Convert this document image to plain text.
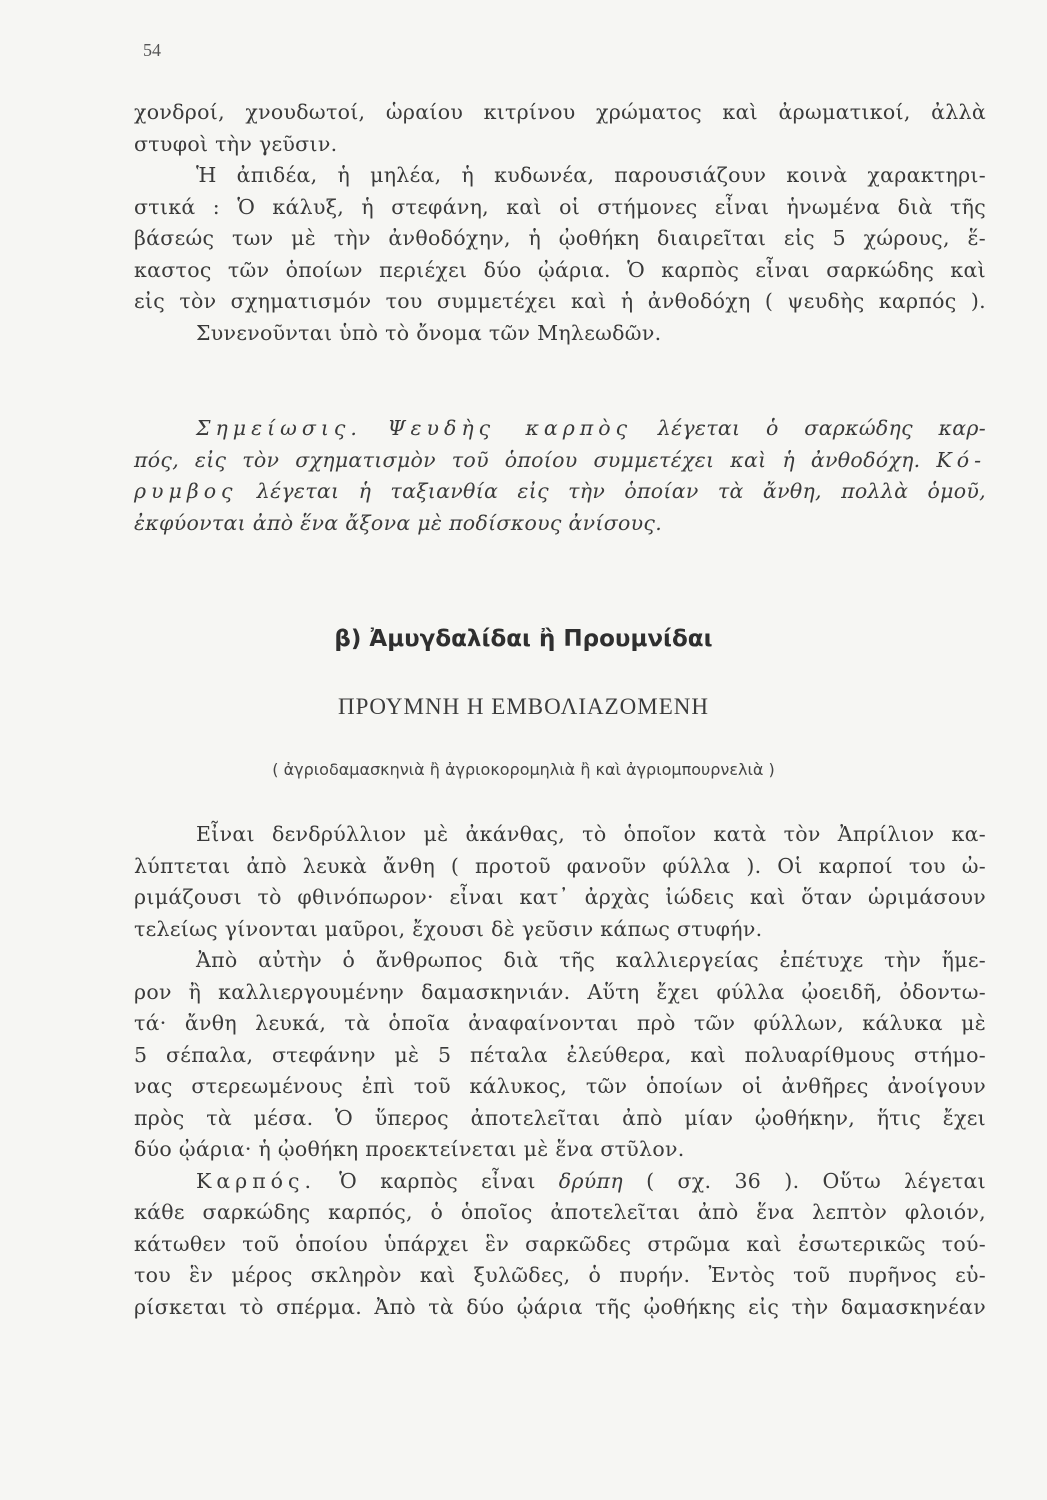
54
χονδροί, χνουδωτοί, ὡραίου κιτρίνου χρώματος καὶ ἀρωματικοί, ἀλλὰ
στυφοὶ τὴν γεῦσιν.
Ἡ ἀπιδέα, ἡ μηλέα, ἡ κυδωνέα, παρουσιάζουν κοινὰ χαρακτηρι-
στικά : Ὁ κάλυξ, ἡ στεφάνη, καὶ οἱ στήμονες εἶναι ἡνωμένα διὰ τῆς
βάσεώς των μὲ τὴν ἀνθοδόχην, ἡ ᾠοθήκη διαιρεῖται εἰς 5 χώρους, ἕ-
καστος τῶν ὁποίων περιέχει δύο ᾠάρια. Ὁ καρπὸς εἶναι σαρκώδης καὶ
εἰς τὸν σχηματισμόν του συμμετέχει καὶ ἡ ἀνθοδόχη ( ψευδὴς καρπός ).
Συνενοῦνται ὑπὸ τὸ ὄνομα τῶν Μηλεωδῶν.
Σημείωσις. Ψευδὴς καρπὸς λέγεται ὁ σαρκώδης καρ-
πός, εἰς τὸν σχηματισμὸν τοῦ ὁποίου συμμετέχει καὶ ἡ ἀνθοδόχη. Κό-
ρυμβος λέγεται ἡ ταξιανθία εἰς τὴν ὁποίαν τὰ ἄνθη, πολλὰ ὁμοῦ,
ἐκφύονται ἀπὸ ἕνα ἄξονα μὲ ποδίσκους ἀνίσους.
β) Ἀμυγδαλίδαι ἢ Προυμνίδαι
ΠΡΟΥΜΝΗ Η ΕΜΒΟΛΙΑΖΟΜΕΝΗ
( ἀγριοδαμασκηνιὰ ἢ ἀγριοκορομηλιὰ ἢ καὶ ἀγριομπουρνελιὰ )
Εἶναι δενδρύλλιον μὲ ἀκάνθας, τὸ ὁποῖον κατὰ τὸν Ἀπρίλιον κα-
λύπτεται ἀπὸ λευκὰ ἄνθη ( προτοῦ φανοῦν φύλλα ). Οἱ καρποί του ὠ-
ριμάζουσι τὸ φθινόπωρον· εἶναι κατ᾽ ἀρχὰς ἰώδεις καὶ ὅταν ὡριμάσουν
τελείως γίνονται μαῦροι, ἔχουσι δὲ γεῦσιν κάπως στυφήν.
Ἀπὸ αὐτὴν ὁ ἄνθρωπος διὰ τῆς καλλιεργείας ἐπέτυχε τὴν ἥμε-
ρον ἢ καλλιεργουμένην δαμασκηνιάν. Αὕτη ἔχει φύλλα ᾠοειδῆ, ὀδοντω-
τά· ἄνθη λευκά, τὰ ὁποῖα ἀναφαίνονται πρὸ τῶν φύλλων, κάλυκα μὲ
5 σέπαλα, στεφάνην μὲ 5 πέταλα ἐλεύθερα, καὶ πολυαρίθμους στήμο-
νας στερεωμένους ἐπὶ τοῦ κάλυκος, τῶν ὁποίων οἱ ἀνθῆρες ἀνοίγουν
πρὸς τὰ μέσα. Ὁ ὕπερος ἀποτελεῖται ἀπὸ μίαν ᾠοθήκην, ἥτις ἔχει
δύο ᾠάρια· ἡ ᾠοθήκη προεκτείνεται μὲ ἕνα στῦλον.
Καρπός. Ὁ καρπὸς εἶναι δρύπη ( σχ. 36 ). Οὕτω λέγεται
κάθε σαρκώδης καρπός, ὁ ὁποῖος ἀποτελεῖται ἀπὸ ἕνα λεπτὸν φλοιόν,
κάτωθεν τοῦ ὁποίου ὑπάρχει ἓν σαρκῶδες στρῶμα καὶ ἐσωτερικῶς τού-
του ἓν μέρος σκληρὸν καὶ ξυλῶδες, ὁ πυρήν. Ἐντὸς τοῦ πυρῆνος εὑ-
ρίσκεται τὸ σπέρμα. Ἀπὸ τὰ δύο ᾠάρια τῆς ᾠοθήκης εἰς τὴν δαμασκηνέαν
